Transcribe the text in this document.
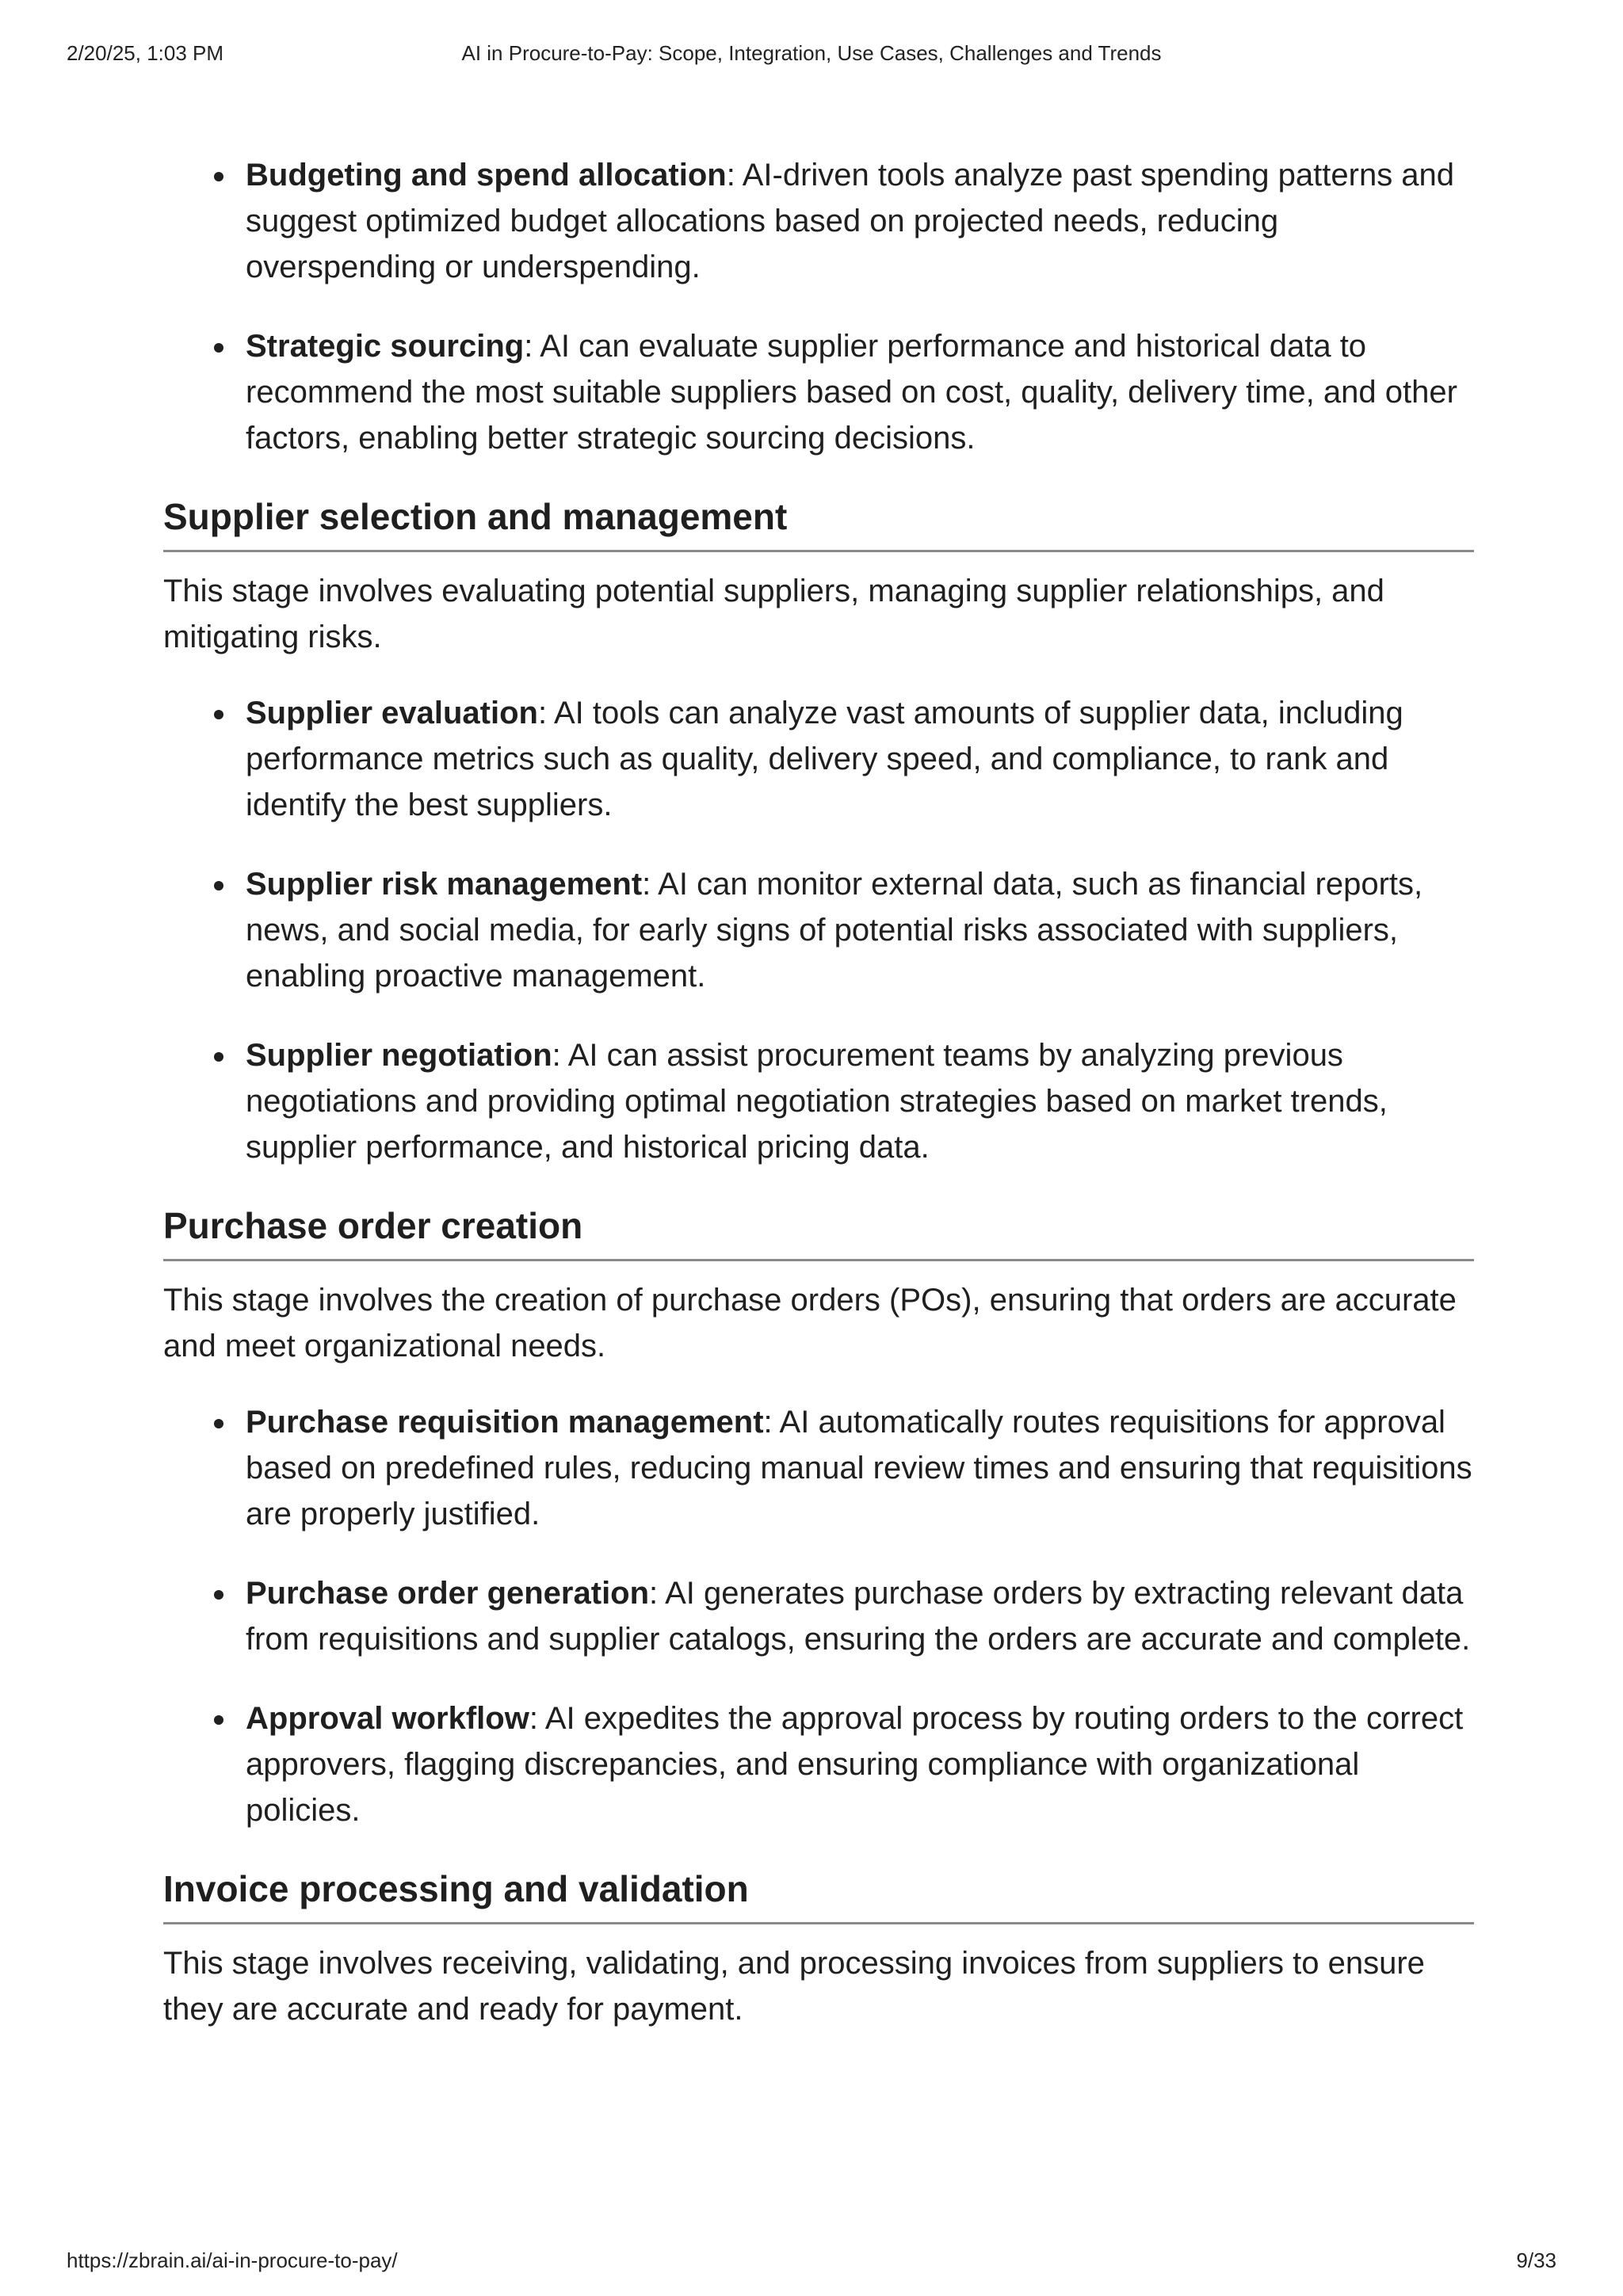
2/20/25, 1:03 PM	AI in Procure-to-Pay: Scope, Integration, Use Cases, Challenges and Trends
Budgeting and spend allocation: AI-driven tools analyze past spending patterns and suggest optimized budget allocations based on projected needs, reducing overspending or underspending.
Strategic sourcing: AI can evaluate supplier performance and historical data to recommend the most suitable suppliers based on cost, quality, delivery time, and other factors, enabling better strategic sourcing decisions.
Supplier selection and management

This stage involves evaluating potential suppliers, managing supplier relationships, and mitigating risks.

Supplier evaluation: AI tools can analyze vast amounts of supplier data, including performance metrics such as quality, delivery speed, and compliance, to rank and identify the best suppliers.
Supplier risk management: AI can monitor external data, such as financial reports, news, and social media, for early signs of potential risks associated with suppliers, enabling proactive management.
Supplier negotiation: AI can assist procurement teams by analyzing previous negotiations and providing optimal negotiation strategies based on market trends, supplier performance, and historical pricing data.
Purchase order creation

This stage involves the creation of purchase orders (POs), ensuring that orders are accurate and meet organizational needs.

Purchase requisition management: AI automatically routes requisitions for approval based on predefined rules, reducing manual review times and ensuring that requisitions are properly justified.
Purchase order generation: AI generates purchase orders by extracting relevant data from requisitions and supplier catalogs, ensuring the orders are accurate and complete.
Approval workflow: AI expedites the approval process by routing orders to the correct approvers, flagging discrepancies, and ensuring compliance with organizational policies.
Invoice processing and validation

This stage involves receiving, validating, and processing invoices from suppliers to ensure they are accurate and ready for payment.

https://zbrain.ai/ai-in-procure-to-pay/	9/33
